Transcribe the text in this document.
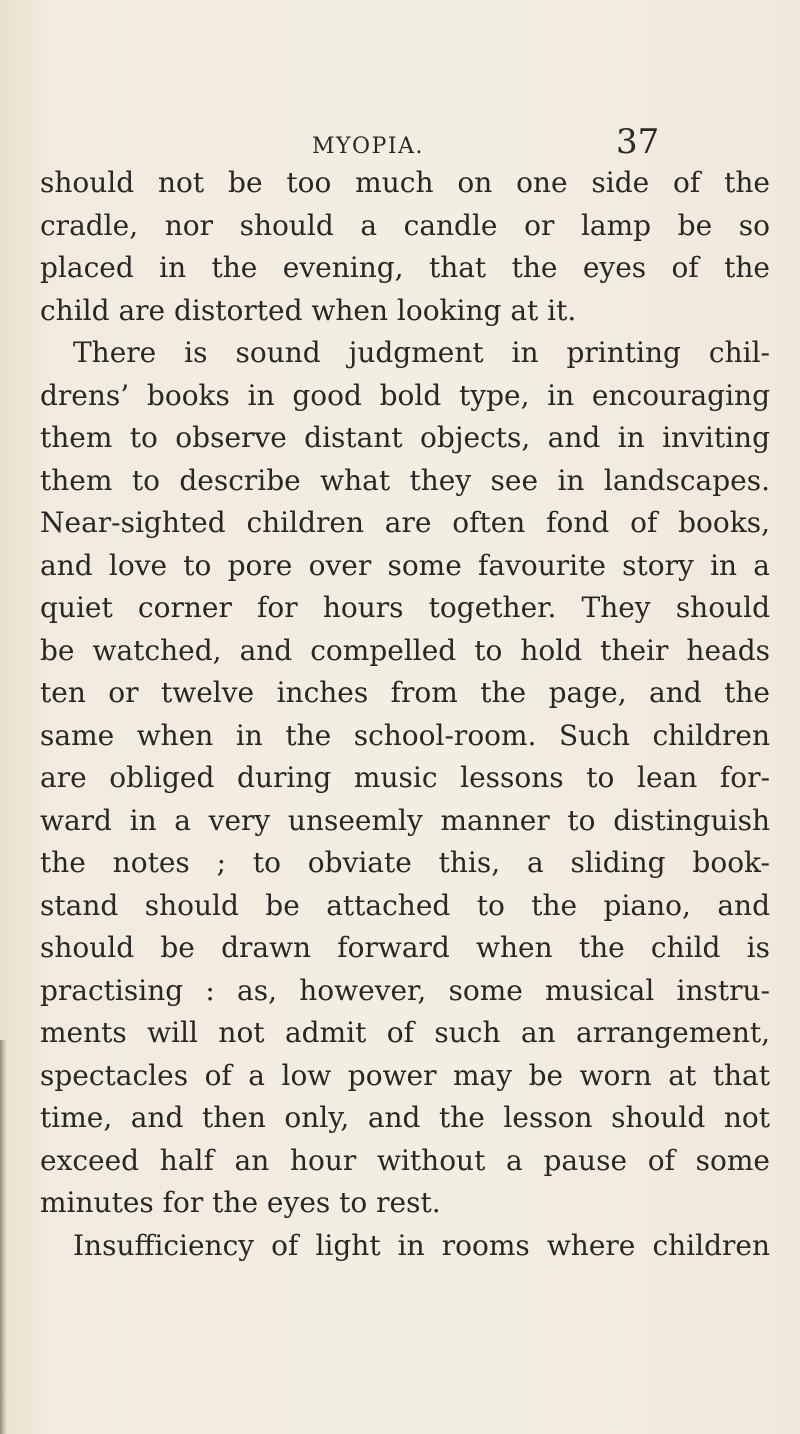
MYOPIA.	37
should not be too much on one side of the
cradle, nor should a candle or lamp be so
placed in the evening, that the eyes of the
child are distorted when looking at it.
There is sound judgment in printing chil-
drens’ books in good bold type, in encouraging
them to observe distant objects, and in inviting
them to describe what they see in landscapes.
Near-sighted children are often fond of books,
and love to pore over some favourite story in a
quiet corner for hours together. They should
be watched, and compelled to hold their heads
ten or twelve inches from the page, and the
same when in the school-room. Such children
are obliged during music lessons to lean for-
ward in a very unseemly manner to distinguish
the notes ; to obviate this, a sliding book-
stand should be attached to the piano, and
should be drawn forward when the child is
practising : as, however, some musical instru-
ments will not admit of such an arrangement,
spectacles of a low power may be worn at that
time, and then only, and the lesson should not
exceed half an hour without a pause of some
minutes for the eyes to rest.
Insufficiency of light in rooms where children
